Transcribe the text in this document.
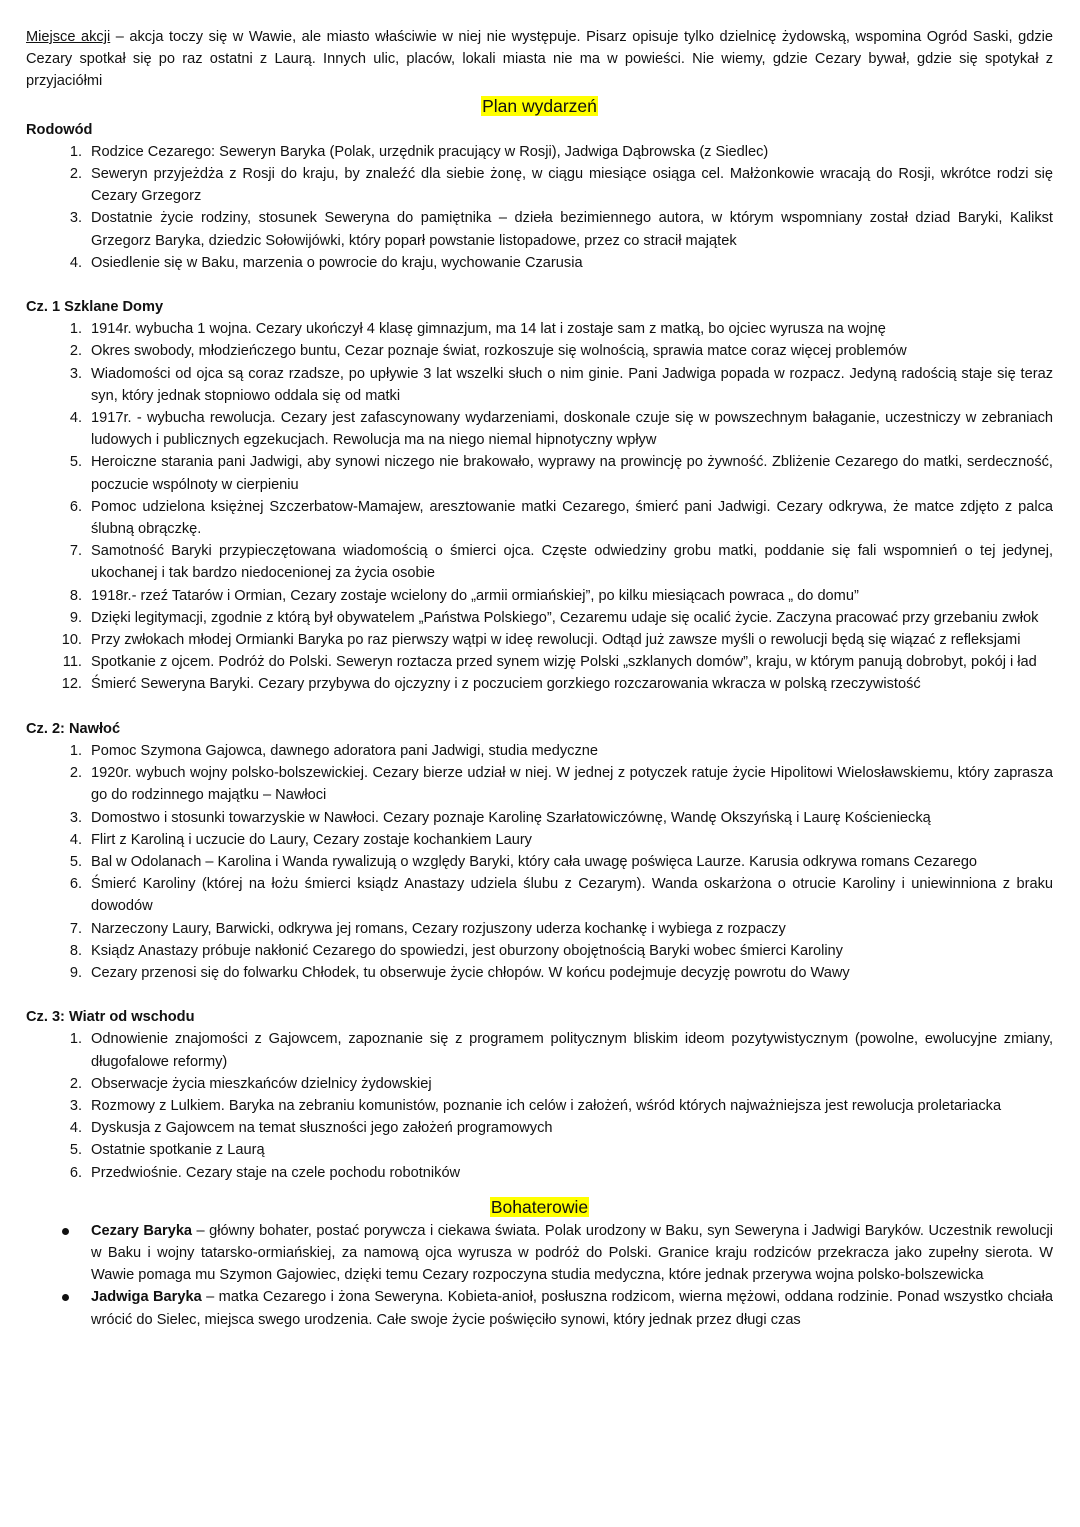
Miejsce akcji – akcja toczy się w Wawie, ale miasto właściwie w niej nie występuje. Pisarz opisuje tylko dzielnicę żydowską, wspomina Ogród Saski, gdzie Cezary spotkał się po raz ostatni z Laurą. Innych ulic, placów, lokali miasta nie ma w powieści. Nie wiemy, gdzie Cezary bywał, gdzie się spotykał z przyjaciółmi

Plan wydarzeń

Rodowód

1. Rodzice Cezarego: Seweryn Baryka (Polak, urzędnik pracujący w Rosji), Jadwiga Dąbrowska (z Siedlec)
2. Seweryn przyjeżdża z Rosji do kraju, by znaleźć dla siebie żonę, w ciągu miesiące osiąga cel. Małżonkowie wracają do Rosji, wkrótce rodzi się Cezary Grzegorz
3. Dostatnie życie rodziny, stosunek Seweryna do pamiętnika – dzieła bezimiennego autora, w którym wspomniany został dziad Baryki, Kalikst Grzegorz Baryka, dziedzic Sołowijówki, który poparł powstanie listopadowe, przez co stracił majątek
4. Osiedlenie się w Baku, marzenia o powrocie do kraju, wychowanie Czarusia

Cz. 1 Szklane Domy

1. 1914r. wybucha 1 wojna. Cezary ukończył 4 klasę gimnazjum, ma 14 lat i zostaje sam z matką, bo ojciec wyrusza na wojnę
2. Okres swobody, młodzieńczego buntu, Cezar poznaje świat, rozkoszuje się wolnością, sprawia matce coraz więcej problemów
3. Wiadomości od ojca są coraz rzadsze, po upływie 3 lat wszelki słuch o nim ginie. Pani Jadwiga popada w rozpacz. Jedyną radością staje się teraz syn, który jednak stopniowo oddala się od matki
4. 1917r. - wybucha rewolucja. Cezary jest zafascynowany wydarzeniami, doskonale czuje się w powszechnym bałaganie, uczestniczy w zebraniach ludowych i publicznych egzekucjach. Rewolucja ma na niego niemal hipnotyczny wpływ
5. Heroiczne starania pani Jadwigi, aby synowi niczego nie brakowało, wyprawy na prowincję po żywność. Zbliżenie Cezarego do matki, serdeczność, poczucie wspólnoty w cierpieniu
6. Pomoc udzielona księżnej Szczerbatow-Mamajew, aresztowanie matki Cezarego, śmierć pani Jadwigi. Cezary odkrywa, że matce zdjęto z palca ślubną obrączkę.
7. Samotność Baryki przypieczętowana wiadomością o śmierci ojca. Częste odwiedziny grobu matki, poddanie się fali wspomnień o tej jedynej, ukochanej i tak bardzo niedocenionej za życia osobie
8. 1918r.- rzeź Tatarów i Ormian, Cezary zostaje wcielony do „armii ormiańskiej”, po kilku miesiącach powraca „ do domu”
9. Dzięki legitymacji, zgodnie z którą był obywatelem „Państwa Polskiego”, Cezaremu udaje się ocalić życie. Zaczyna pracować przy grzebaniu zwłok
10. Przy zwłokach młodej Ormianki Baryka po raz pierwszy wątpi w ideę rewolucji. Odtąd już zawsze myśli o rewolucji będą się wiązać z refleksjami
11. Spotkanie z ojcem. Podróż do Polski. Seweryn roztacza przed synem wizję Polski „szklanych domów”, kraju, w którym panują dobrobyt, pokój i ład
12. Śmierć Seweryna Baryki. Cezary przybywa do ojczyzny i z poczuciem gorzkiego rozczarowania wkracza w polską rzeczywistość

Cz. 2: Nawłoć

1. Pomoc Szymona Gajowca, dawnego adoratora pani Jadwigi, studia medyczne
2. 1920r. wybuch wojny polsko-bolszewickiej. Cezary bierze udział w niej. W jednej z potyczek ratuje życie Hipolitowi Wielosławskiemu, który zaprasza go do rodzinnego majątku – Nawłoci
3. Domostwo i stosunki towarzyskie w Nawłoci. Cezary poznaje Karolinę Szarłatowiczównę, Wandę Okszyńską i Laurę Kościeniecką
4. Flirt z Karoliną i uczucie do Laury, Cezary zostaje kochankiem Laury
5. Bal w Odolanach – Karolina i Wanda rywalizują o względy Baryki, który cała uwagę poświęca Laurze. Karusia odkrywa romans Cezarego
6. Śmierć Karoliny (której na łożu śmierci ksiądz Anastazy udziela ślubu z Cezarym). Wanda oskarżona o otrucie Karoliny i uniewinniona z braku dowodów
7. Narzeczony Laury, Barwicki, odkrywa jej romans, Cezary rozjuszony uderza kochankę i wybiega z rozpaczy
8. Ksiądz Anastazy próbuje nakłonić Cezarego do spowiedzi, jest oburzony obojętnością Baryki wobec śmierci Karoliny
9. Cezary przenosi się do folwarku Chłodek, tu obserwuje życie chłopów. W końcu podejmuje decyzję powrotu do Wawy

Cz. 3: Wiatr od wschodu

1. Odnowienie znajomości z Gajowcem, zapoznanie się z programem politycznym bliskim ideom pozytywistycznym (powolne, ewolucyjne zmiany, długofalowe reformy)
2. Obserwacje życia mieszkańców dzielnicy żydowskiej
3. Rozmowy z Lulkiem. Baryka na zebraniu komunistów, poznanie ich celów i założeń, wśród których najważniejsza jest rewolucja proletariacka
4. Dyskusja z Gajowcem na temat słuszności jego założeń programowych
5. Ostatnie spotkanie z Laurą
6. Przedwiośnie. Cezary staje na czele pochodu robotników

Bohaterowie

Cezary Baryka – główny bohater, postać porywcza i ciekawa świata. Polak urodzony w Baku, syn Seweryna i Jadwigi Baryków. Uczestnik rewolucji w Baku i wojny tatarsko-ormiańskiej, za namową ojca wyrusza w podróż do Polski. Granice kraju rodziców przekracza jako zupełny sierota. W Wawie pomaga mu Szymon Gajowiec, dzięki temu Cezary rozpoczyna studia medyczna, które jednak przerywa wojna polsko-bolszewicka
Jadwiga Baryka – matka Cezarego i żona Seweryna. Kobieta-anioł, posłuszna rodzicom, wierna mężowi, oddana rodzinie. Ponad wszystko chciała wrócić do Sielec, miejsca swego urodzenia. Całe swoje życie poświęciło synowi, który jednak przez długi czas
